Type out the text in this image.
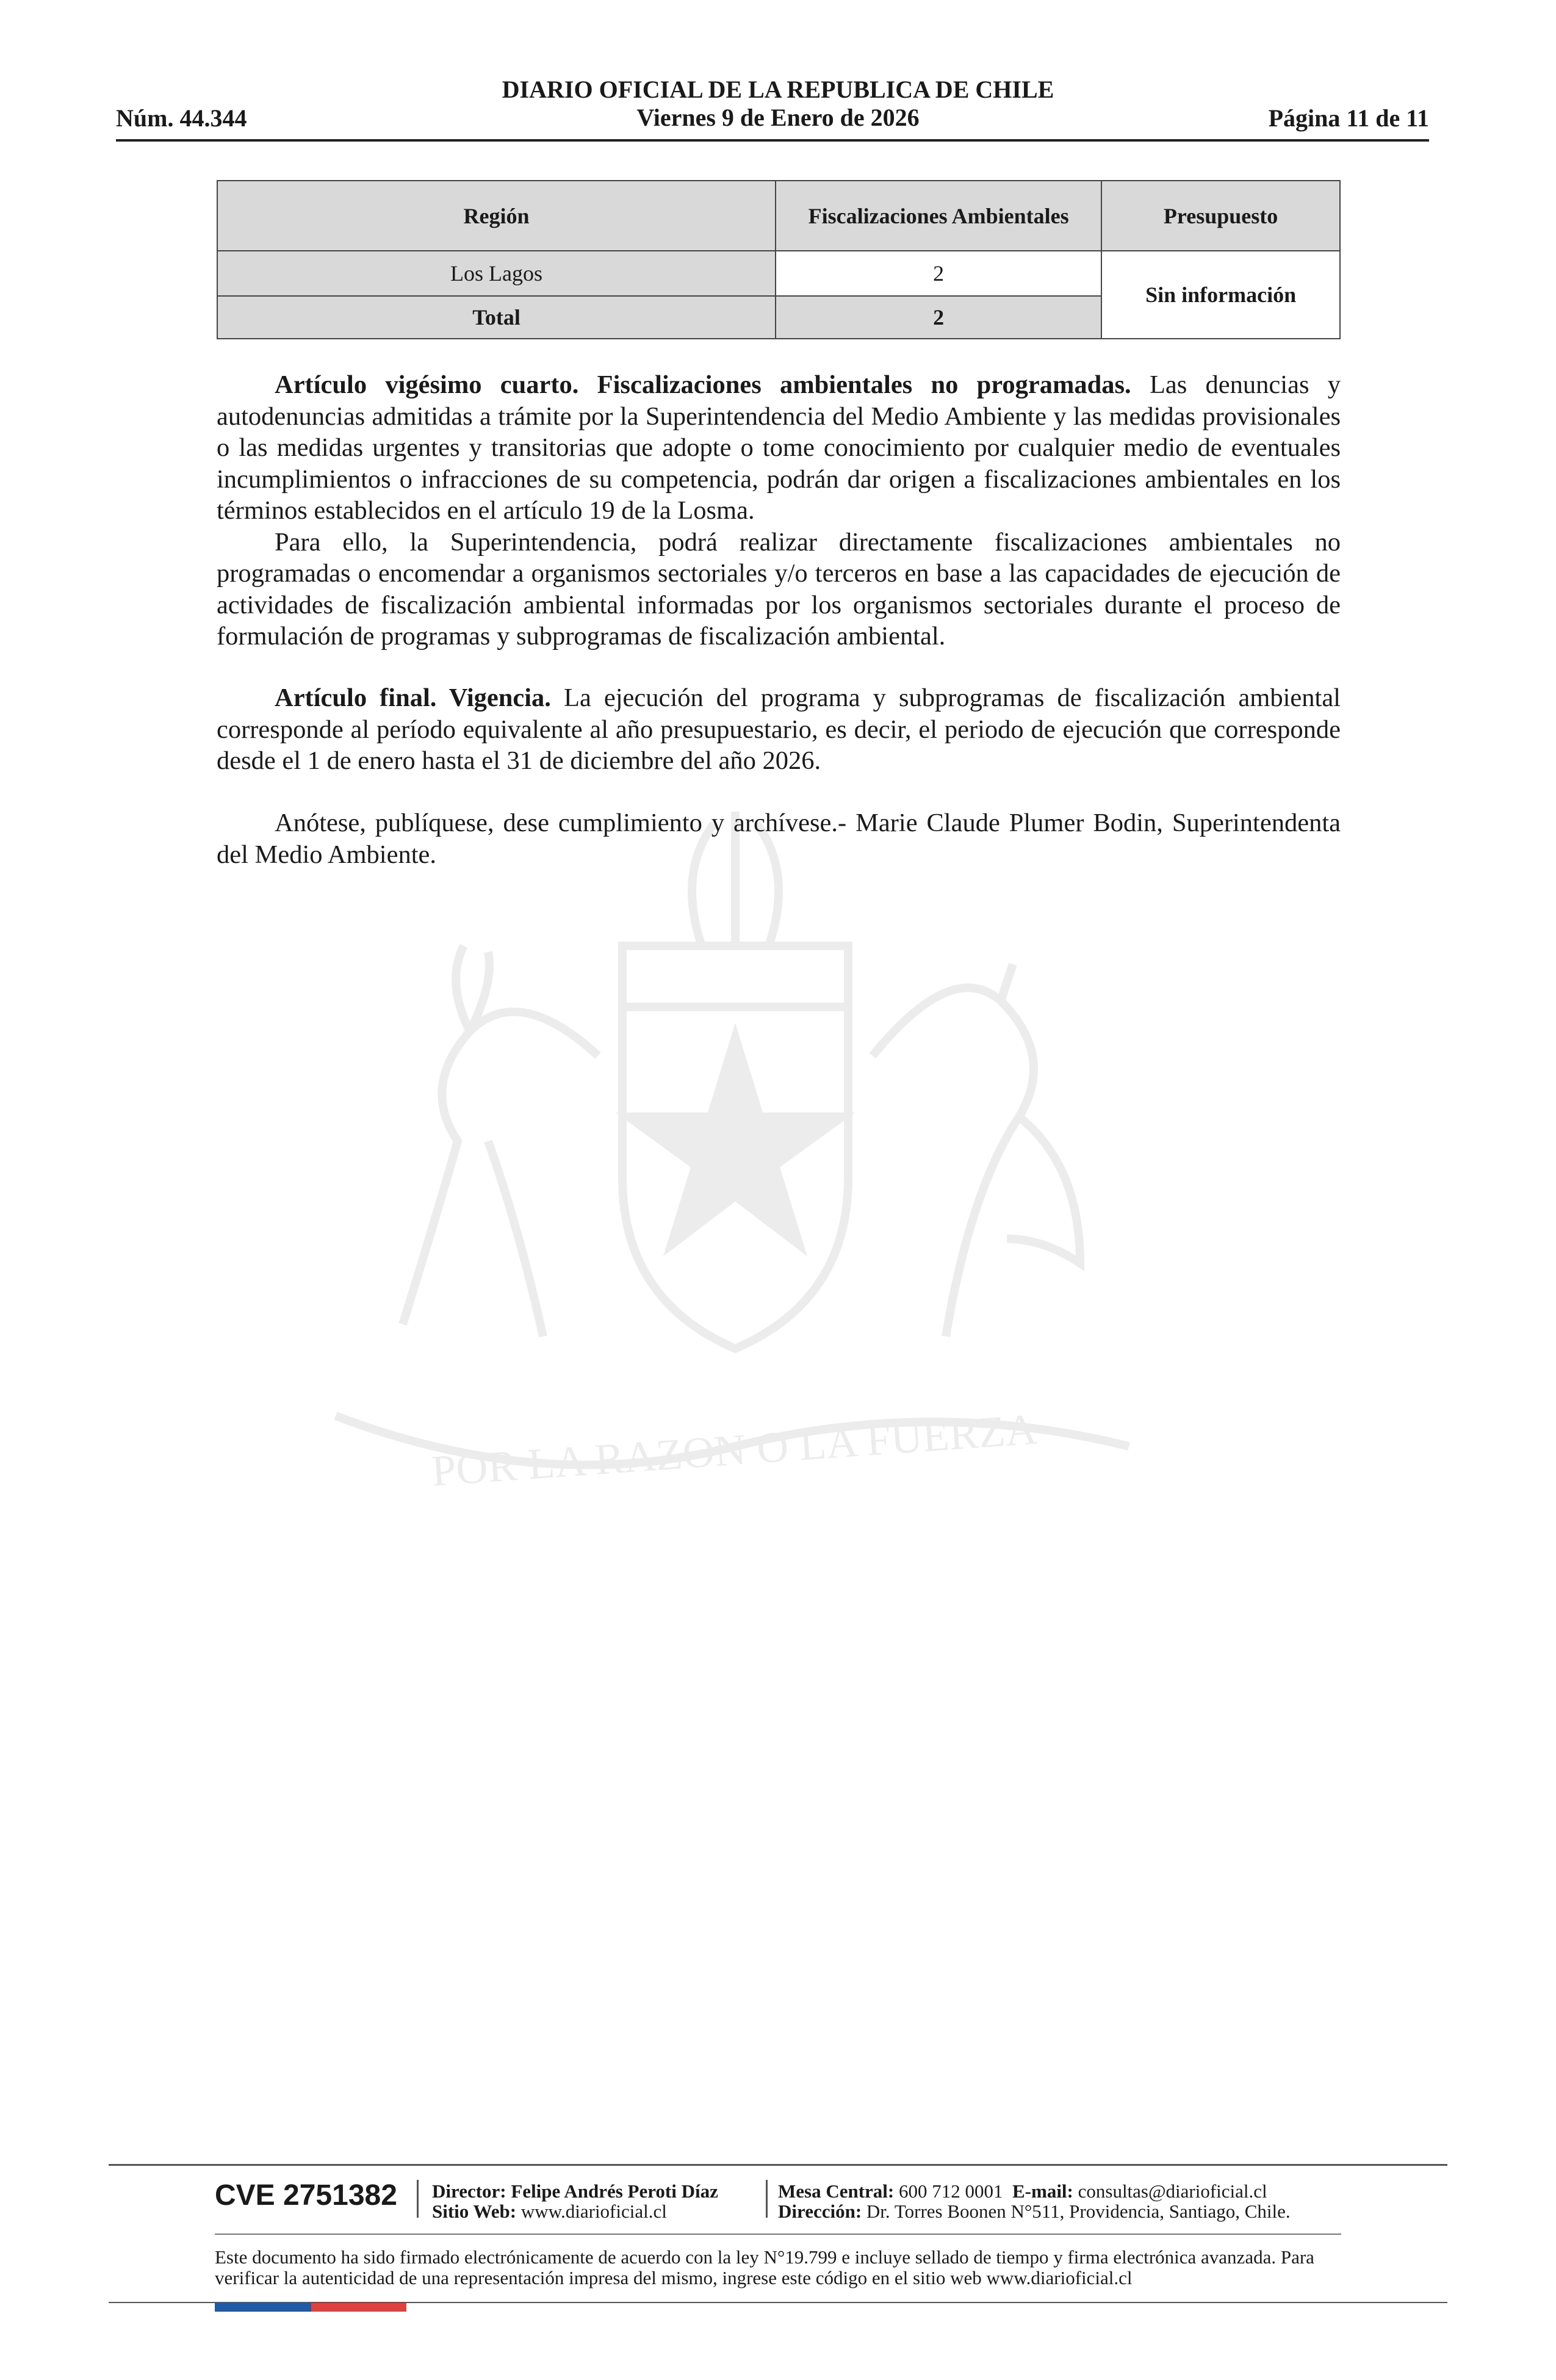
POR LA RAZON O LA FUERZA
DIARIO OFICIAL DE LA REPUBLICA DE CHILE
Viernes 9 de Enero de 2026
Núm. 44.344	Página 11 de 11
Región	Fiscalizaciones Ambientales	Presupuesto
Los Lagos	2	Sin información
Total	2	

Artículo vigésimo cuarto. Fiscalizaciones ambientales no programadas. Las denuncias y autodenuncias admitidas a trámite por la Superintendencia del Medio Ambiente y las medidas provisionales o las medidas urgentes y transitorias que adopte o tome conocimiento por cualquier medio de eventuales incumplimientos o infracciones de su competencia, podrán dar origen a fiscalizaciones ambientales en los términos establecidos en el artículo 19 de la Losma.

Para ello, la Superintendencia, podrá realizar directamente fiscalizaciones ambientales no programadas o encomendar a organismos sectoriales y/o terceros en base a las capacidades de ejecución de actividades de fiscalización ambiental informadas por los organismos sectoriales durante el proceso de formulación de programas y subprogramas de fiscalización ambiental.

Artículo final. Vigencia. La ejecución del programa y subprogramas de fiscalización ambiental corresponde al período equivalente al año presupuestario, es decir, el periodo de ejecución que corresponde desde el 1 de enero hasta el 31 de diciembre del año 2026.

Anótese, publíquese, dese cumplimiento y archívese.- Marie Claude Plumer Bodin, Superintendenta del Medio Ambiente.

CVE 2751382 Director: Felipe Andrés Peroti Díaz
Sitio Web: www.diarioficial.cl
Mesa Central: 600 712 0001 E-mail: consultas@diarioficial.cl
Dirección: Dr. Torres Boonen N°511, Providencia, Santiago, Chile.
Este documento ha sido firmado electrónicamente de acuerdo con la ley N°19.799 e incluye sellado de tiempo y firma electrónica avanzada. Para verificar la autenticidad de una representación impresa del mismo, ingrese este código en el sitio web www.diarioficial.cl
